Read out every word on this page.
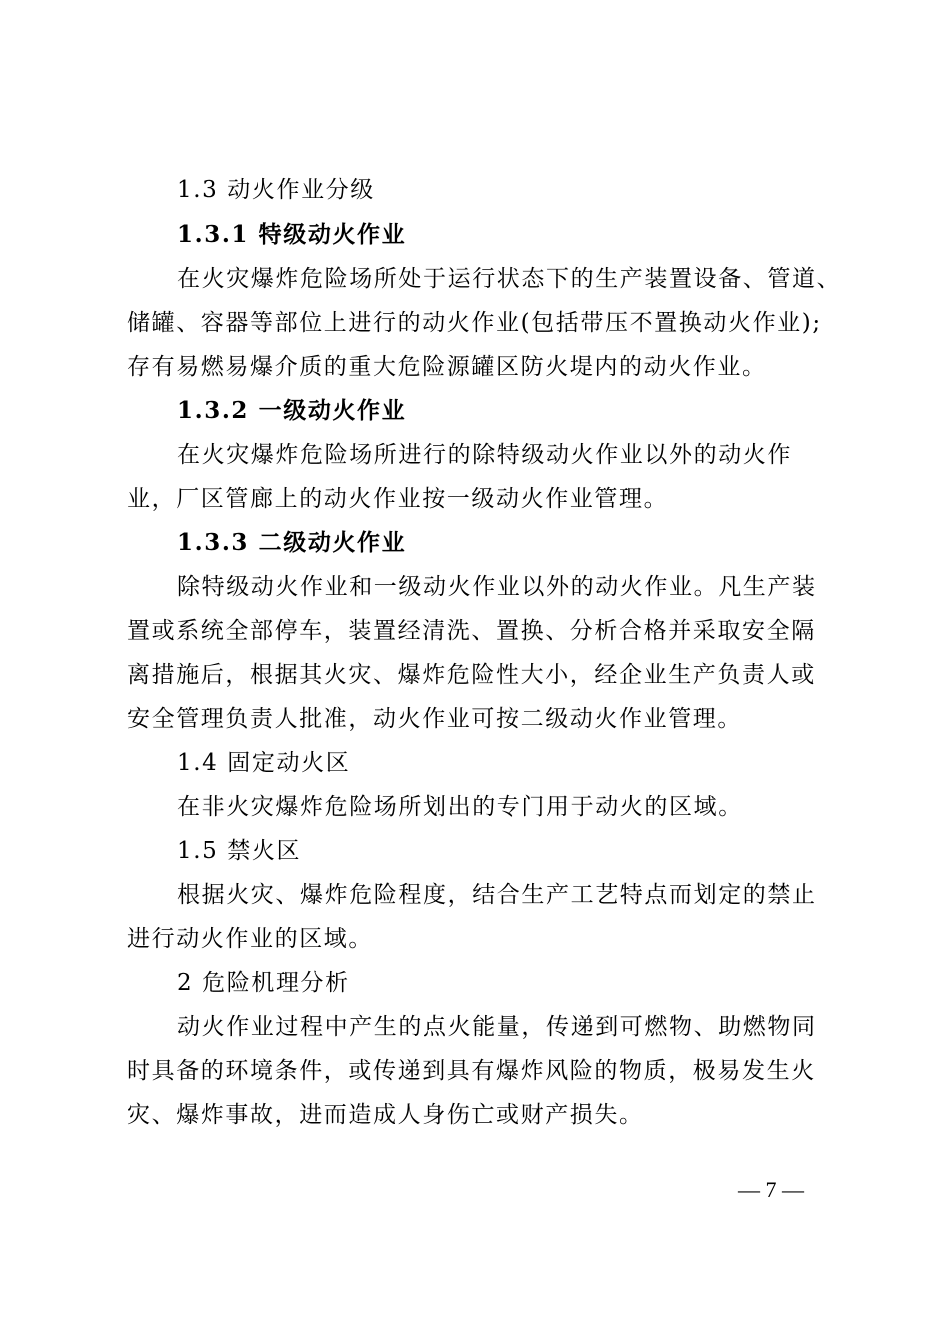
1.3 动火作业分级
1.3.1 特级动火作业
在火灾爆炸危险场所处于运行状态下的生产装置设备、管道、
储罐、容器等部位上进行的动火作业(包括带压不置换动火作业);
存有易燃易爆介质的重大危险源罐区防火堤内的动火作业。
1.3.2 一级动火作业
在火灾爆炸危险场所进行的除特级动火作业以外的动火作
业，厂区管廊上的动火作业按一级动火作业管理。
1.3.3 二级动火作业
除特级动火作业和一级动火作业以外的动火作业。凡生产装
置或系统全部停车，装置经清洗、置换、分析合格并采取安全隔
离措施后，根据其火灾、爆炸危险性大小，经企业生产负责人或
安全管理负责人批准，动火作业可按二级动火作业管理。
1.4 固定动火区
在非火灾爆炸危险场所划出的专门用于动火的区域。
1.5 禁火区
根据火灾、爆炸危险程度，结合生产工艺特点而划定的禁止
进行动火作业的区域。
2 危险机理分析
动火作业过程中产生的点火能量，传递到可燃物、助燃物同
时具备的环境条件，或传递到具有爆炸风险的物质，极易发生火
灾、爆炸事故，进而造成人身伤亡或财产损失。
— 7 —
